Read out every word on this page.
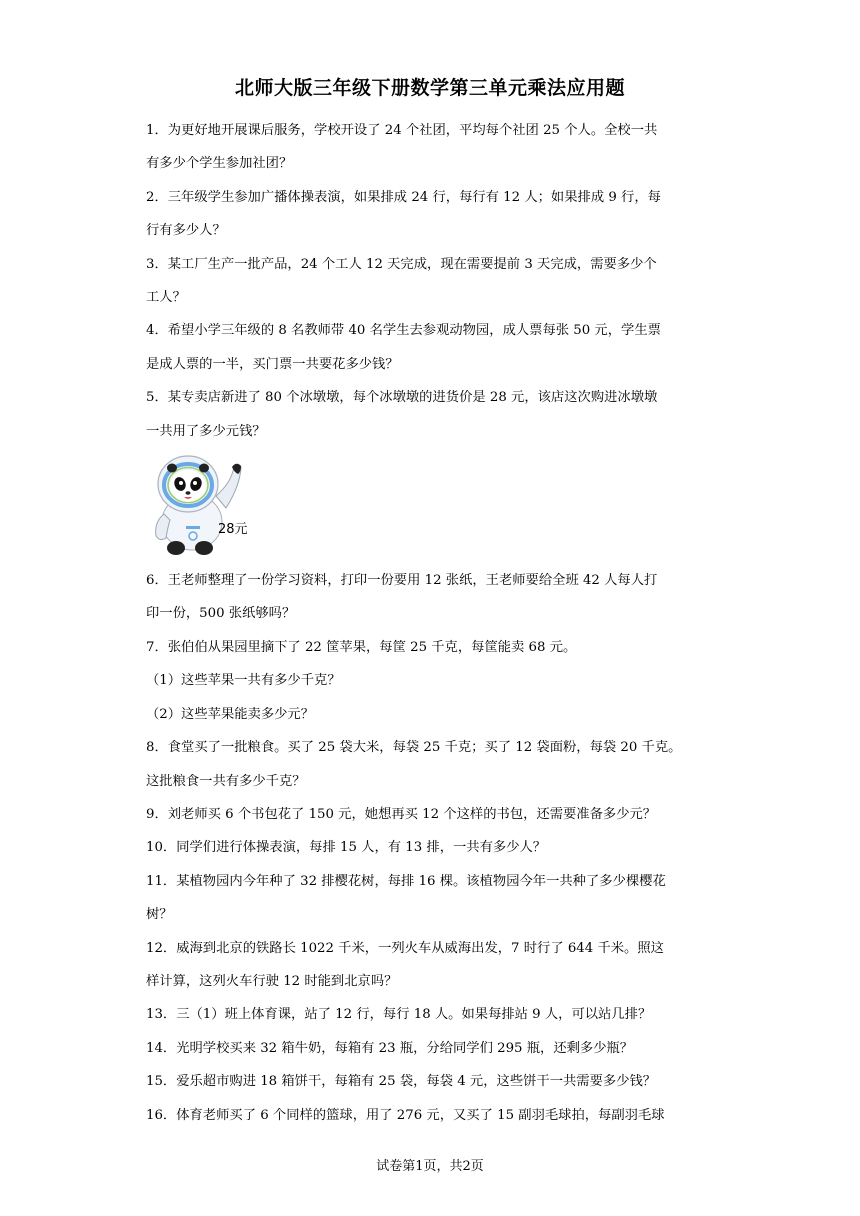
北师大版三年级下册数学第三单元乘法应用题

1．为更好地开展课后服务，学校开设了 24 个社团，平均每个社团 25 个人。全校一共

有多少个学生参加社团？

2．三年级学生参加广播体操表演，如果排成 24 行，每行有 12 人；如果排成 9 行，每

行有多少人？

3．某工厂生产一批产品，24 个工人 12 天完成，现在需要提前 3 天完成，需要多少个

工人？

4．希望小学三年级的 8 名教师带 40 名学生去参观动物园，成人票每张 50 元，学生票

是成人票的一半，买门票一共要花多少钱？

5．某专卖店新进了 80 个冰墩墩，每个冰墩墩的进货价是 28 元，该店这次购进冰墩墩

一共用了多少元钱？

28元

6．王老师整理了一份学习资料，打印一份要用 12 张纸，王老师要给全班 42 人每人打

印一份，500 张纸够吗？

7．张伯伯从果园里摘下了 22 筐苹果，每筐 25 千克，每筐能卖 68 元。

（1）这些苹果一共有多少千克？

（2）这些苹果能卖多少元？

8．食堂买了一批粮食。买了 25 袋大米，每袋 25 千克；买了 12 袋面粉，每袋 20 千克。

这批粮食一共有多少千克？

9．刘老师买 6 个书包花了 150 元，她想再买 12 个这样的书包，还需要准备多少元？

10．同学们进行体操表演，每排 15 人，有 13 排，一共有多少人？

11．某植物园内今年种了 32 排樱花树，每排 16 棵。该植物园今年一共种了多少棵樱花

树？

12．威海到北京的铁路长 1022 千米，一列火车从威海出发，7 时行了 644 千米。照这

样计算，这列火车行驶 12 时能到北京吗？

13．三（1）班上体育课，站了 12 行，每行 18 人。如果每排站 9 人，可以站几排？

14．光明学校买来 32 箱牛奶，每箱有 23 瓶，分给同学们 295 瓶，还剩多少瓶？

15．爱乐超市购进 18 箱饼干，每箱有 25 袋，每袋 4 元，这些饼干一共需要多少钱？

16．体育老师买了 6 个同样的篮球，用了 276 元，又买了 15 副羽毛球拍，每副羽毛球

试卷第1页，共2页
